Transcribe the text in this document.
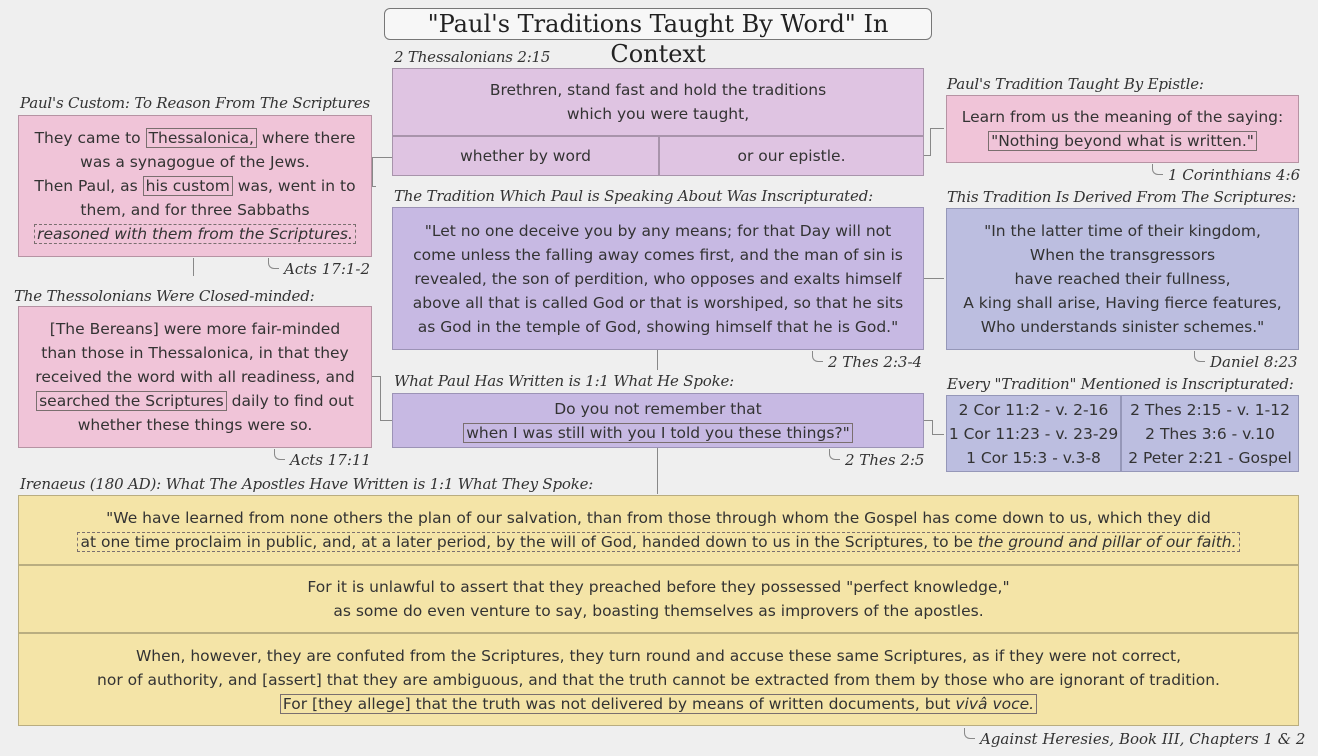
"Paul's Traditions Taught By Word" In Context
2 Thessalonians 2:15

Brethren, stand fast and hold the traditions

which you were taught,

whether by word	or our epistle.
Paul's Custom: To Reason From The Scriptures

They came to Thessalonica, where there

was a synagogue of the Jews.

Then Paul, as his custom was, went in to

them, and for three Sabbaths

reasoned with them from the Scriptures.

Acts 17:1-2
The Thessolonians Were Closed-minded:

[The Bereans] were more fair-minded

than those in Thessalonica, in that they

received the word with all readiness, and

searched the Scriptures daily to find out

whether these things were so.

Acts 17:11
Paul's Tradition Taught By Epistle:

Learn from us the meaning of the saying:

"Nothing beyond what is written."

1 Corinthians 4:6
The Tradition Which Paul is Speaking About Was Inscripturated:

"Let no one deceive you by any means; for that Day will not

come unless the falling away comes first, and the man of sin is

revealed, the son of perdition, who opposes and exalts himself

above all that is called God or that is worshiped, so that he sits

as God in the temple of God, showing himself that he is God."

2 Thes 2:3-4
This Tradition Is Derived From The Scriptures:

"In the latter time of their kingdom,

When the transgressors

have reached their fullness,

A king shall arise, Having fierce features,

Who understands sinister schemes."

Daniel 8:23
What Paul Has Written is 1:1 What He Spoke:

Do you not remember that

when I was still with you I told you these things?"

2 Thes 2:5
Every "Tradition" Mentioned is Inscripturated:

2 Cor 11:2 - v. 2-16

1 Cor 11:23 - v. 23-29

1 Cor 15:3 - v.3-8

2 Thes 2:15 - v. 1-12

2 Thes 3:6 - v.10

2 Peter 2:21 - Gospel

Irenaeus (180 AD): What The Apostles Have Written is 1:1 What They Spoke:

"We have learned from none others the plan of our salvation, than from those through whom the Gospel has come down to us, which they did

at one time proclaim in public, and, at a later period, by the will of God, handed down to us in the Scriptures, to be the ground and pillar of our faith.

For it is unlawful to assert that they preached before they possessed "perfect knowledge,"

as some do even venture to say, boasting themselves as improvers of the apostles.

When, however, they are confuted from the Scriptures, they turn round and accuse these same Scriptures, as if they were not correct,

nor of authority, and [assert] that they are ambiguous, and that the truth cannot be extracted from them by those who are ignorant of tradition.

For [they allege] that the truth was not delivered by means of written documents, but vivâ voce.

Against Heresies, Book III, Chapters 1 & 2
